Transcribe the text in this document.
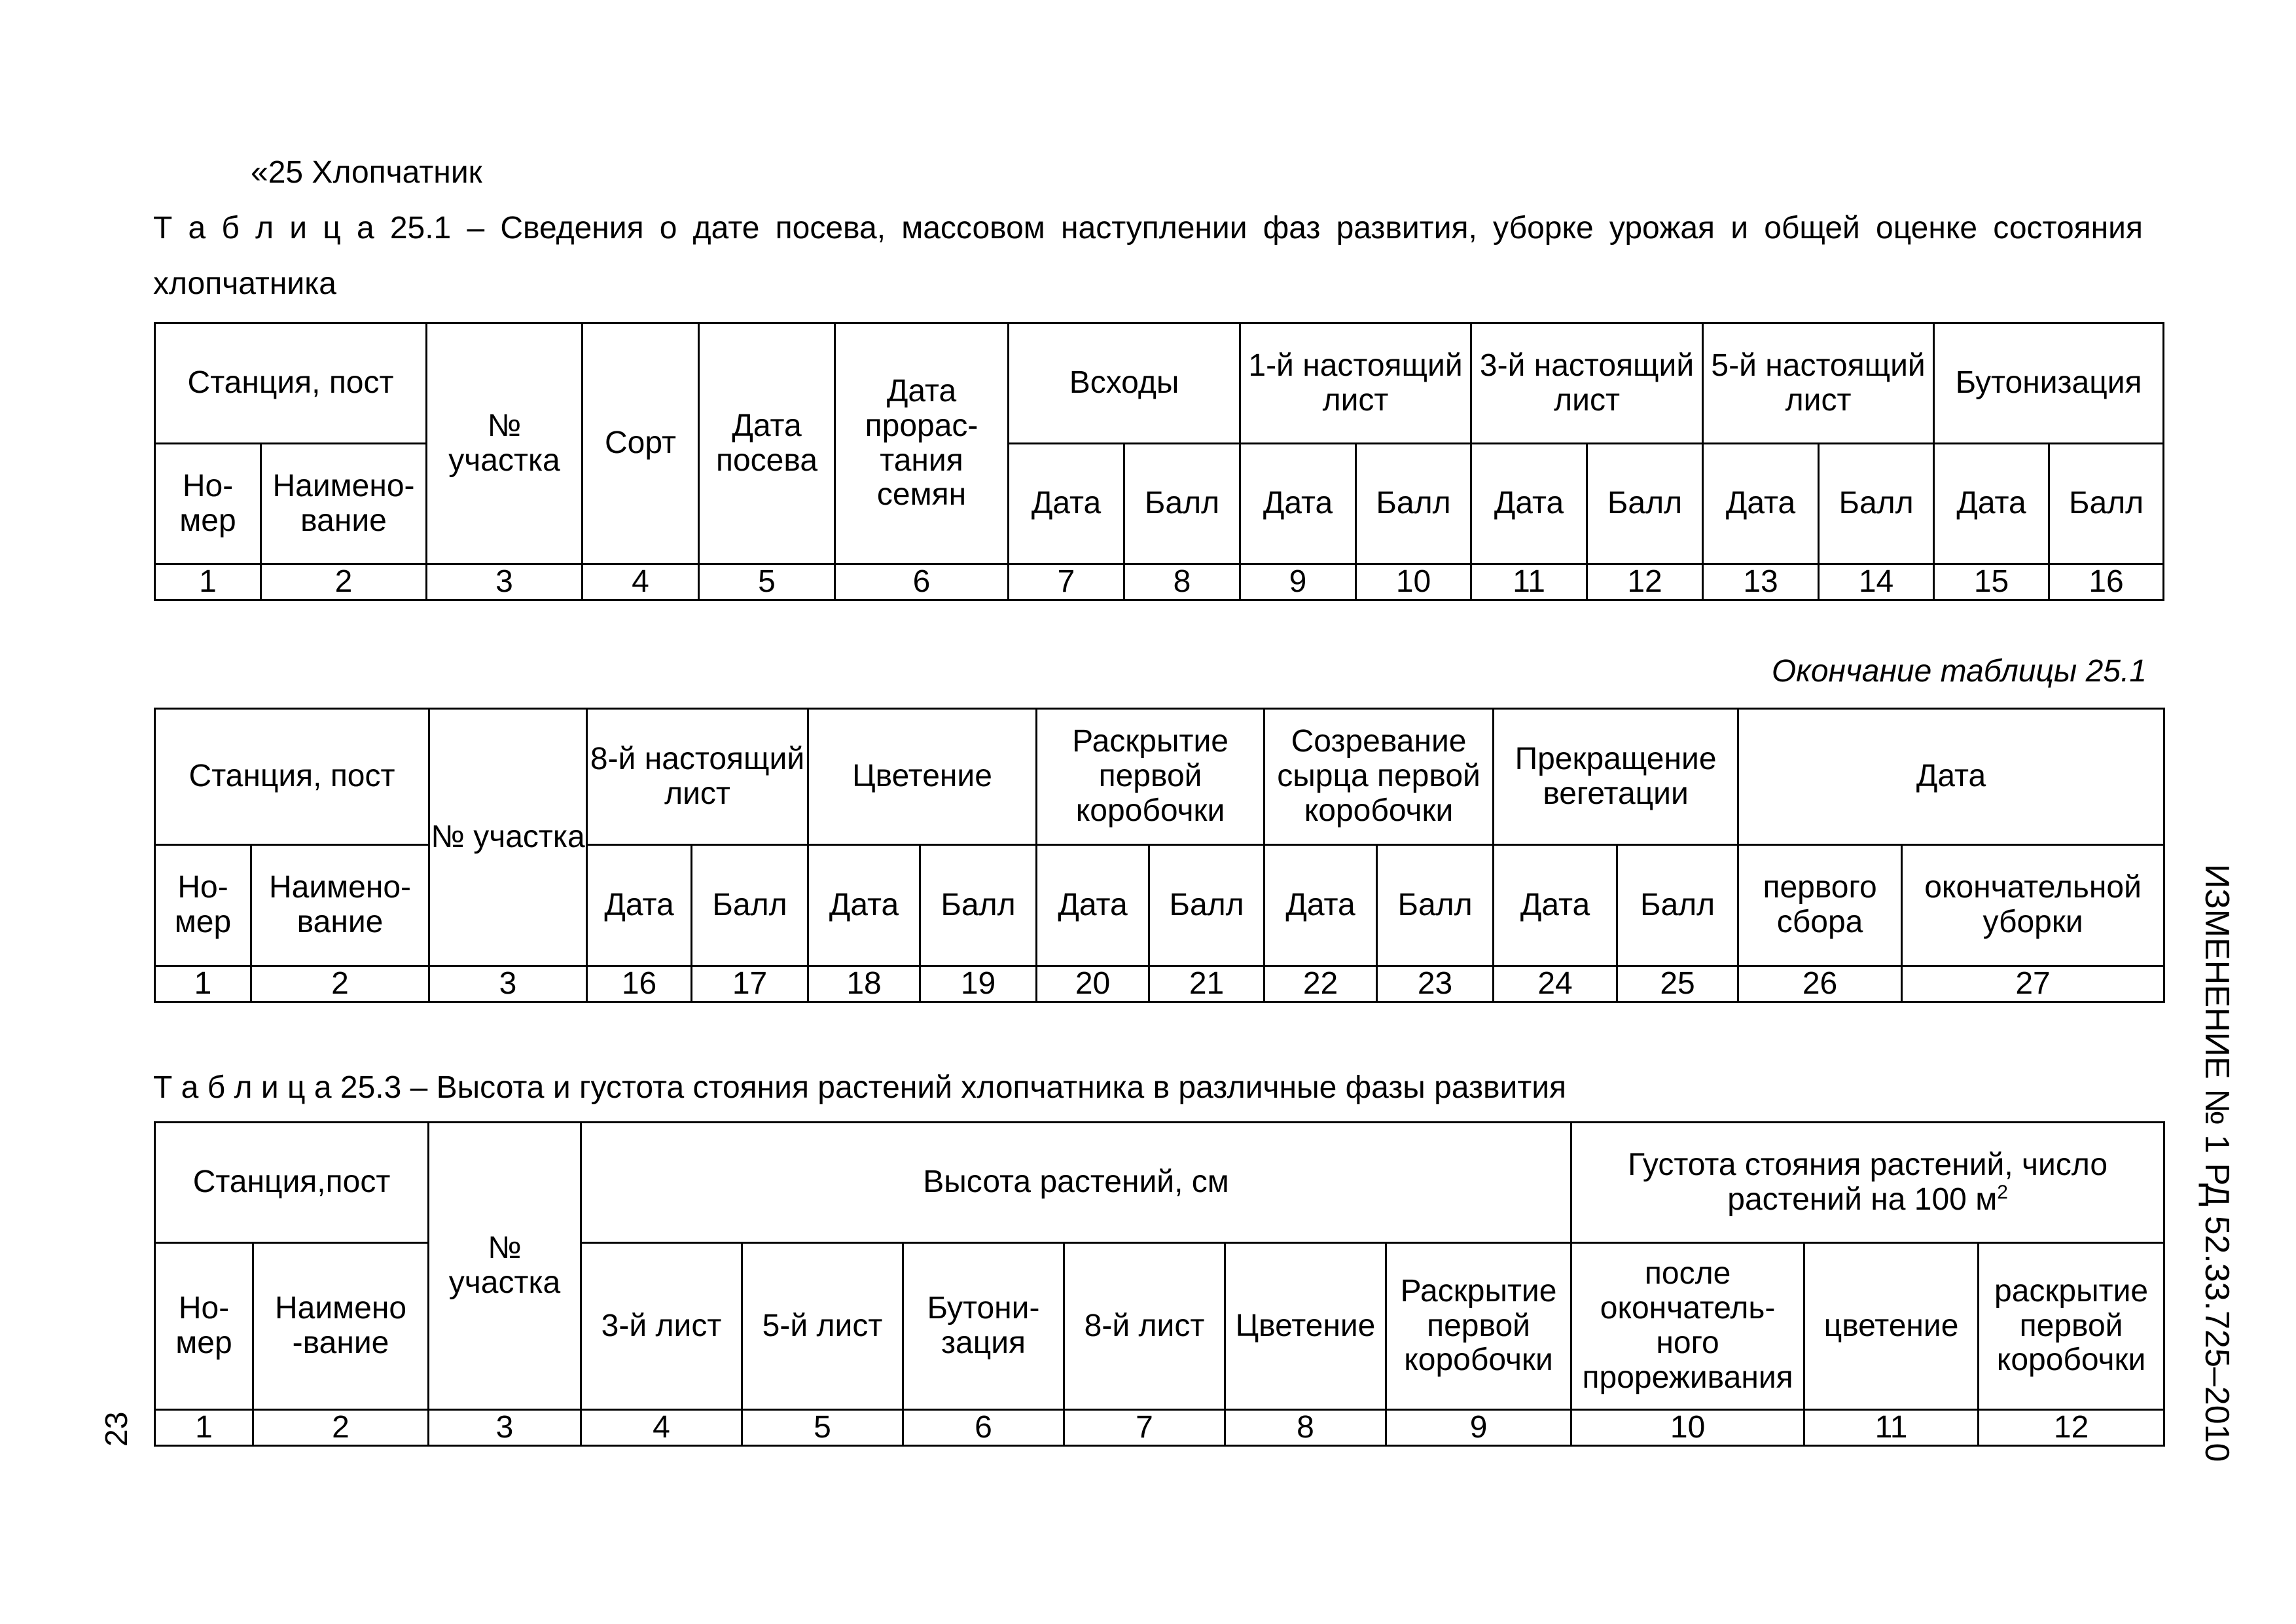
«25 Хлопчатник
Т а б л и ц а 25.1 – Сведения о дате посева, массовом наступлении фаз развития, уборке урожая и общей оценке состояния
хлопчатника
Станция, пост		№ участка	Сорт	Дата посева	Дата прорас-тания семян	Всходы		1-й настоящий лист		3-й настоящий лист		5-й настоящий лист		Бутонизация	
Но-мер	Наимено-вание					Дата	Балл	Дата	Балл	Дата	Балл	Дата	Балл	Дата	Балл
1	2	3	4	5	6	7	8	9	10	11	12	13	14	15	16
Окончание таблицы 25.1
Станция, пост		№ участка	8-й настоящий лист		Цветение		Раскрытие первой коробочки		Созревание сырца первой коробочки		Прекращение вегетации		Дата	
Но-мер	Наимено-вание		Дата	Балл	Дата	Балл	Дата	Балл	Дата	Балл	Дата	Балл	первого сбора	окончательной уборки
1	2	3	16	17	18	19	20	21	22	23	24	25	26	27
Т а б л и ц а 25.3 – Высота и густота стояния растений хлопчатника в различные фазы развития
Станция,пост		№ участка	Высота растений, см						Густота стояния растений, число растений на 100 $м^2$
Но-мер	Наимено -вание		3-й лист	5-й лист	Бутони-зация	8-й лист	Цветение	Раскрытие первой коробочки	после окончатель-ного прореживания	цветение	раскрытие первой коробочки
1	2	3	4	5	6	7	8	9	10	11	12	ИЗМЕНЕНИЕ № 1 РД 52.33.725–2010
23
